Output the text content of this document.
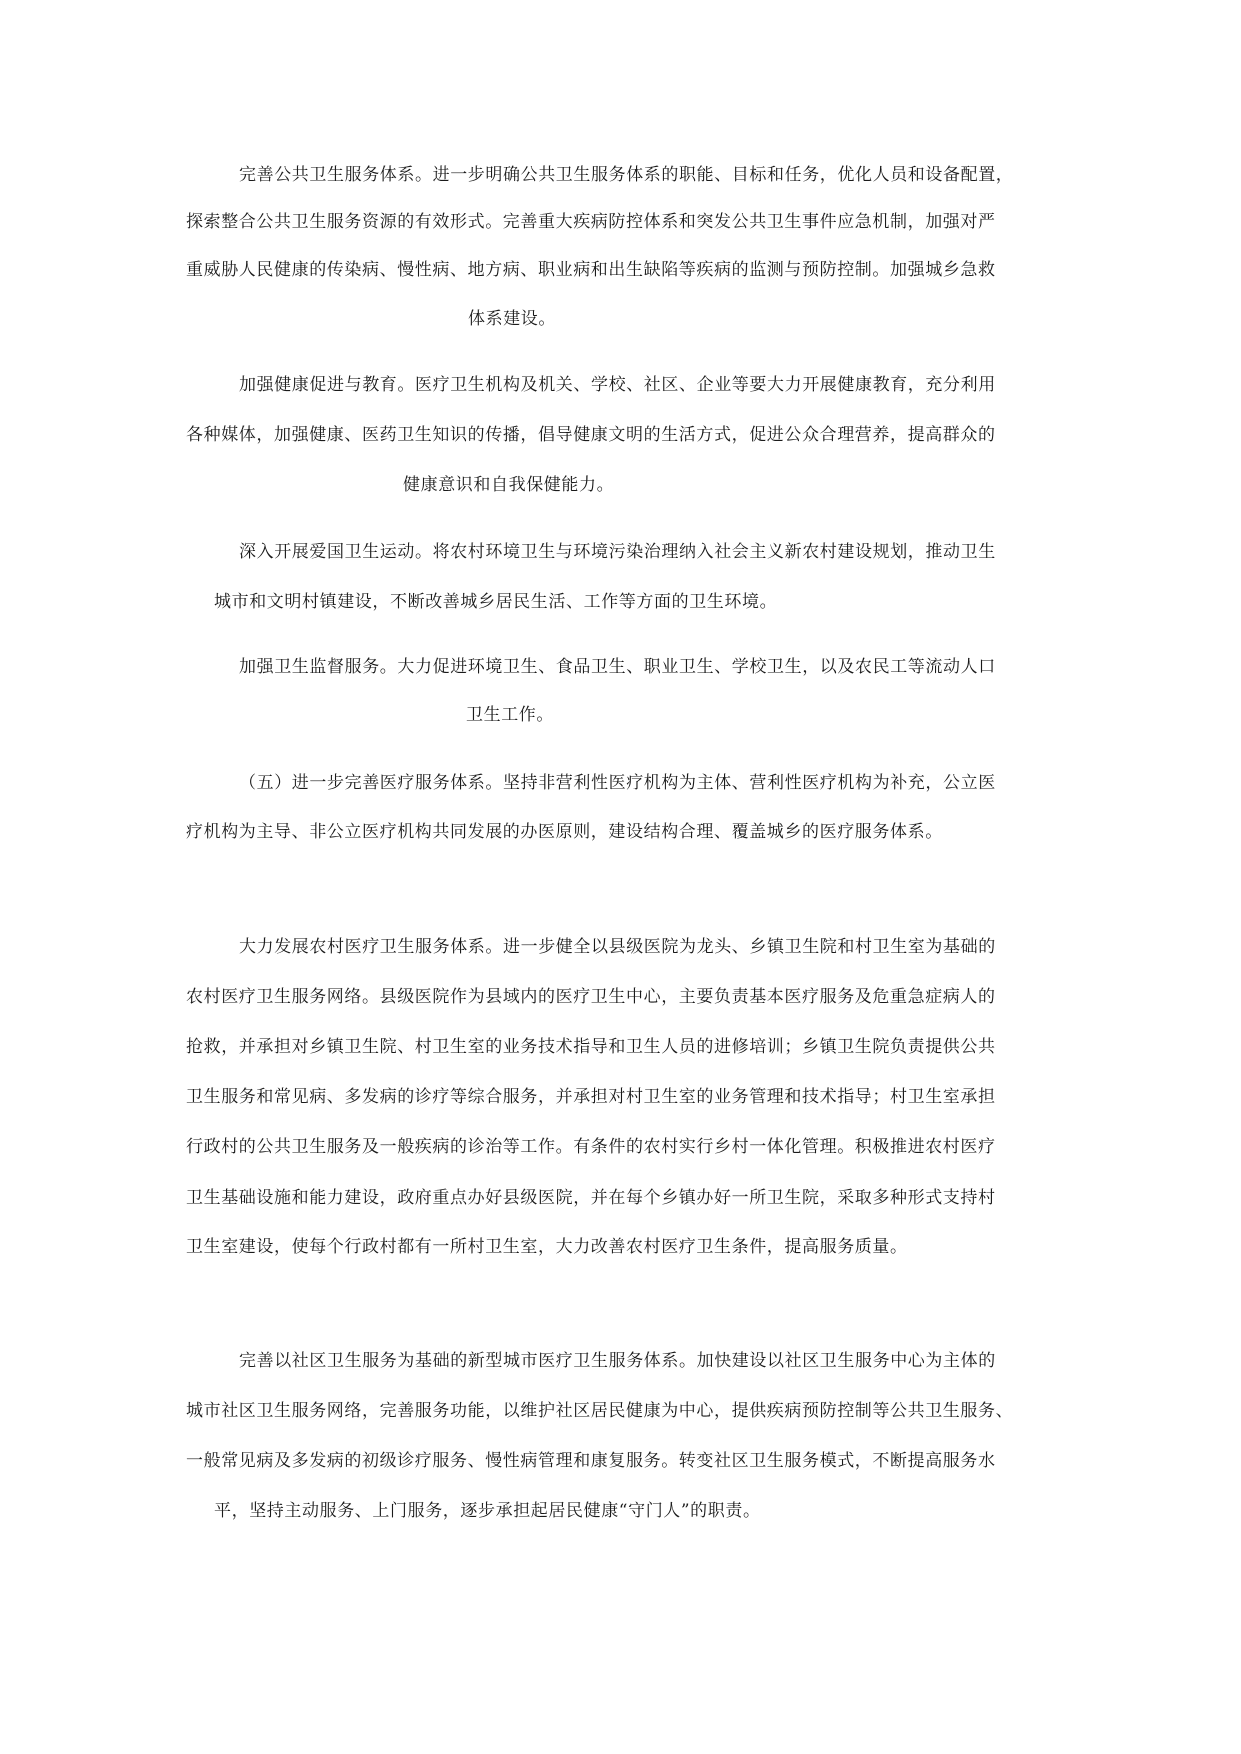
完善公共卫生服务体系。进一步明确公共卫生服务体系的职能、目标和任务，优化人员和设备配置，
探索整合公共卫生服务资源的有效形式。完善重大疾病防控体系和突发公共卫生事件应急机制，加强对严
重威胁人民健康的传染病、慢性病、地方病、职业病和出生缺陷等疾病的监测与预防控制。加强城乡急救
体系建设。
加强健康促进与教育。医疗卫生机构及机关、学校、社区、企业等要大力开展健康教育，充分利用
各种媒体，加强健康、医药卫生知识的传播，倡导健康文明的生活方式，促进公众合理营养，提高群众的
健康意识和自我保健能力。
深入开展爱国卫生运动。将农村环境卫生与环境污染治理纳入社会主义新农村建设规划，推动卫生
城市和文明村镇建设，不断改善城乡居民生活、工作等方面的卫生环境。
加强卫生监督服务。大力促进环境卫生、食品卫生、职业卫生、学校卫生，以及农民工等流动人口
卫生工作。
（五）进一步完善医疗服务体系。坚持非营利性医疗机构为主体、营利性医疗机构为补充，公立医
疗机构为主导、非公立医疗机构共同发展的办医原则，建设结构合理、覆盖城乡的医疗服务体系。
大力发展农村医疗卫生服务体系。进一步健全以县级医院为龙头、乡镇卫生院和村卫生室为基础的
农村医疗卫生服务网络。县级医院作为县域内的医疗卫生中心，主要负责基本医疗服务及危重急症病人的
抢救，并承担对乡镇卫生院、村卫生室的业务技术指导和卫生人员的进修培训；乡镇卫生院负责提供公共
卫生服务和常见病、多发病的诊疗等综合服务，并承担对村卫生室的业务管理和技术指导；村卫生室承担
行政村的公共卫生服务及一般疾病的诊治等工作。有条件的农村实行乡村一体化管理。积极推进农村医疗
卫生基础设施和能力建设，政府重点办好县级医院，并在每个乡镇办好一所卫生院，采取多种形式支持村
卫生室建设，使每个行政村都有一所村卫生室，大力改善农村医疗卫生条件，提高服务质量。
完善以社区卫生服务为基础的新型城市医疗卫生服务体系。加快建设以社区卫生服务中心为主体的
城市社区卫生服务网络，完善服务功能，以维护社区居民健康为中心，提供疾病预防控制等公共卫生服务、
一般常见病及多发病的初级诊疗服务、慢性病管理和康复服务。转变社区卫生服务模式，不断提高服务水
平，坚持主动服务、上门服务，逐步承担起居民健康“守门人”的职责。
